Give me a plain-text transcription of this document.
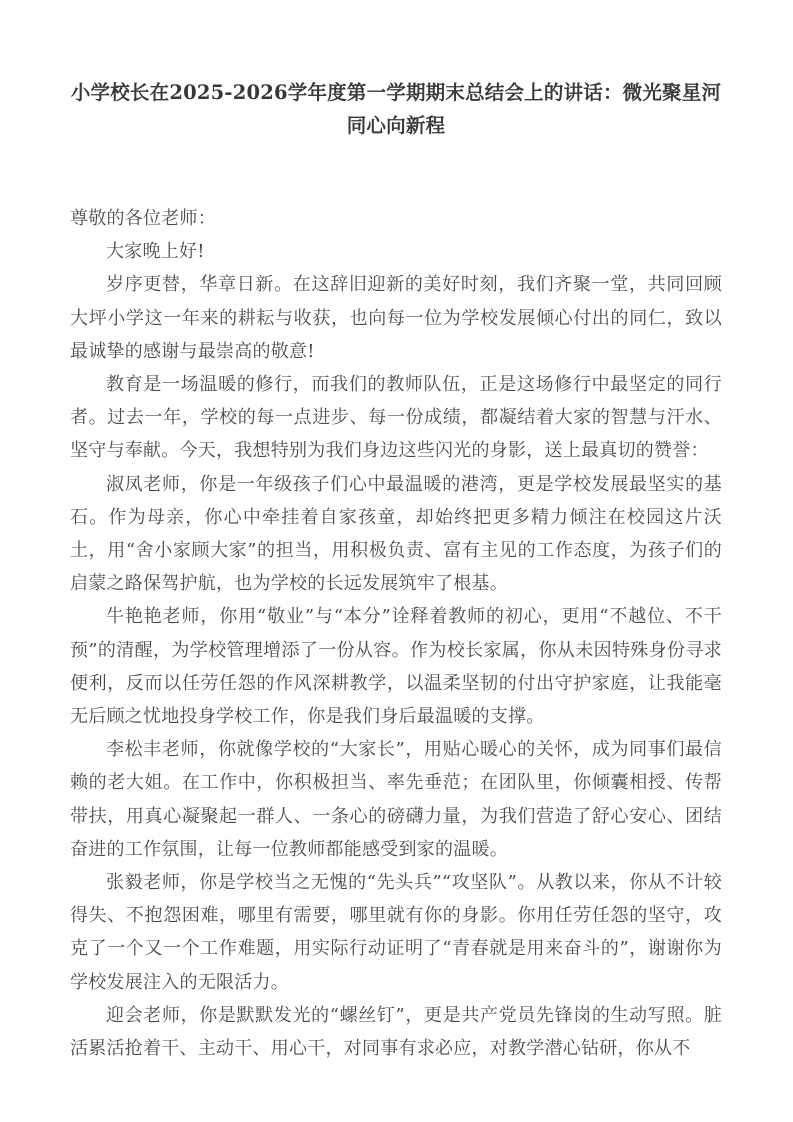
小学校长在2025-2026学年度第一学期期末总结会上的讲话：微光聚星河同心向新程

尊敬的各位老师：

大家晚上好!

岁序更替，华章日新。在这辞旧迎新的美好时刻，我们齐聚一堂，共同回顾大坪小学这一年来的耕耘与收获，也向每一位为学校发展倾心付出的同仁，致以最诚挚的感谢与最崇高的敬意!

教育是一场温暖的修行，而我们的教师队伍，正是这场修行中最坚定的同行者。过去一年，学校的每一点进步、每一份成绩，都凝结着大家的智慧与汗水、坚守与奉献。今天，我想特别为我们身边这些闪光的身影，送上最真切的赞誉：

淑凤老师，你是一年级孩子们心中最温暖的港湾，更是学校发展最坚实的基石。作为母亲，你心中牵挂着自家孩童，却始终把更多精力倾注在校园这片沃土，用“舍小家顾大家”的担当，用积极负责、富有主见的工作态度，为孩子们的启蒙之路保驾护航，也为学校的长远发展筑牢了根基。

牛艳艳老师，你用“敬业”与“本分”诠释着教师的初心，更用“不越位、不干预”的清醒，为学校管理增添了一份从容。作为校长家属，你从未因特殊身份寻求便利，反而以任劳任怨的作风深耕教学，以温柔坚韧的付出守护家庭，让我能毫无后顾之忧地投身学校工作，你是我们身后最温暖的支撑。

李松丰老师，你就像学校的“大家长”，用贴心暖心的关怀，成为同事们最信赖的老大姐。在工作中，你积极担当、率先垂范；在团队里，你倾囊相授、传帮带扶，用真心凝聚起一群人、一条心的磅礴力量，为我们营造了舒心安心、团结奋进的工作氛围，让每一位教师都能感受到家的温暖。

张毅老师，你是学校当之无愧的“先头兵”“攻坚队”。从教以来，你从不计较得失、不抱怨困难，哪里有需要，哪里就有你的身影。你用任劳任怨的坚守，攻克了一个又一个工作难题，用实际行动证明了“青春就是用来奋斗的”，谢谢你为学校发展注入的无限活力。

迎会老师，你是默默发光的“螺丝钉”，更是共产党员先锋岗的生动写照。脏活累活抢着干、主动干、用心干，对同事有求必应，对教学潜心钻研，你从不
